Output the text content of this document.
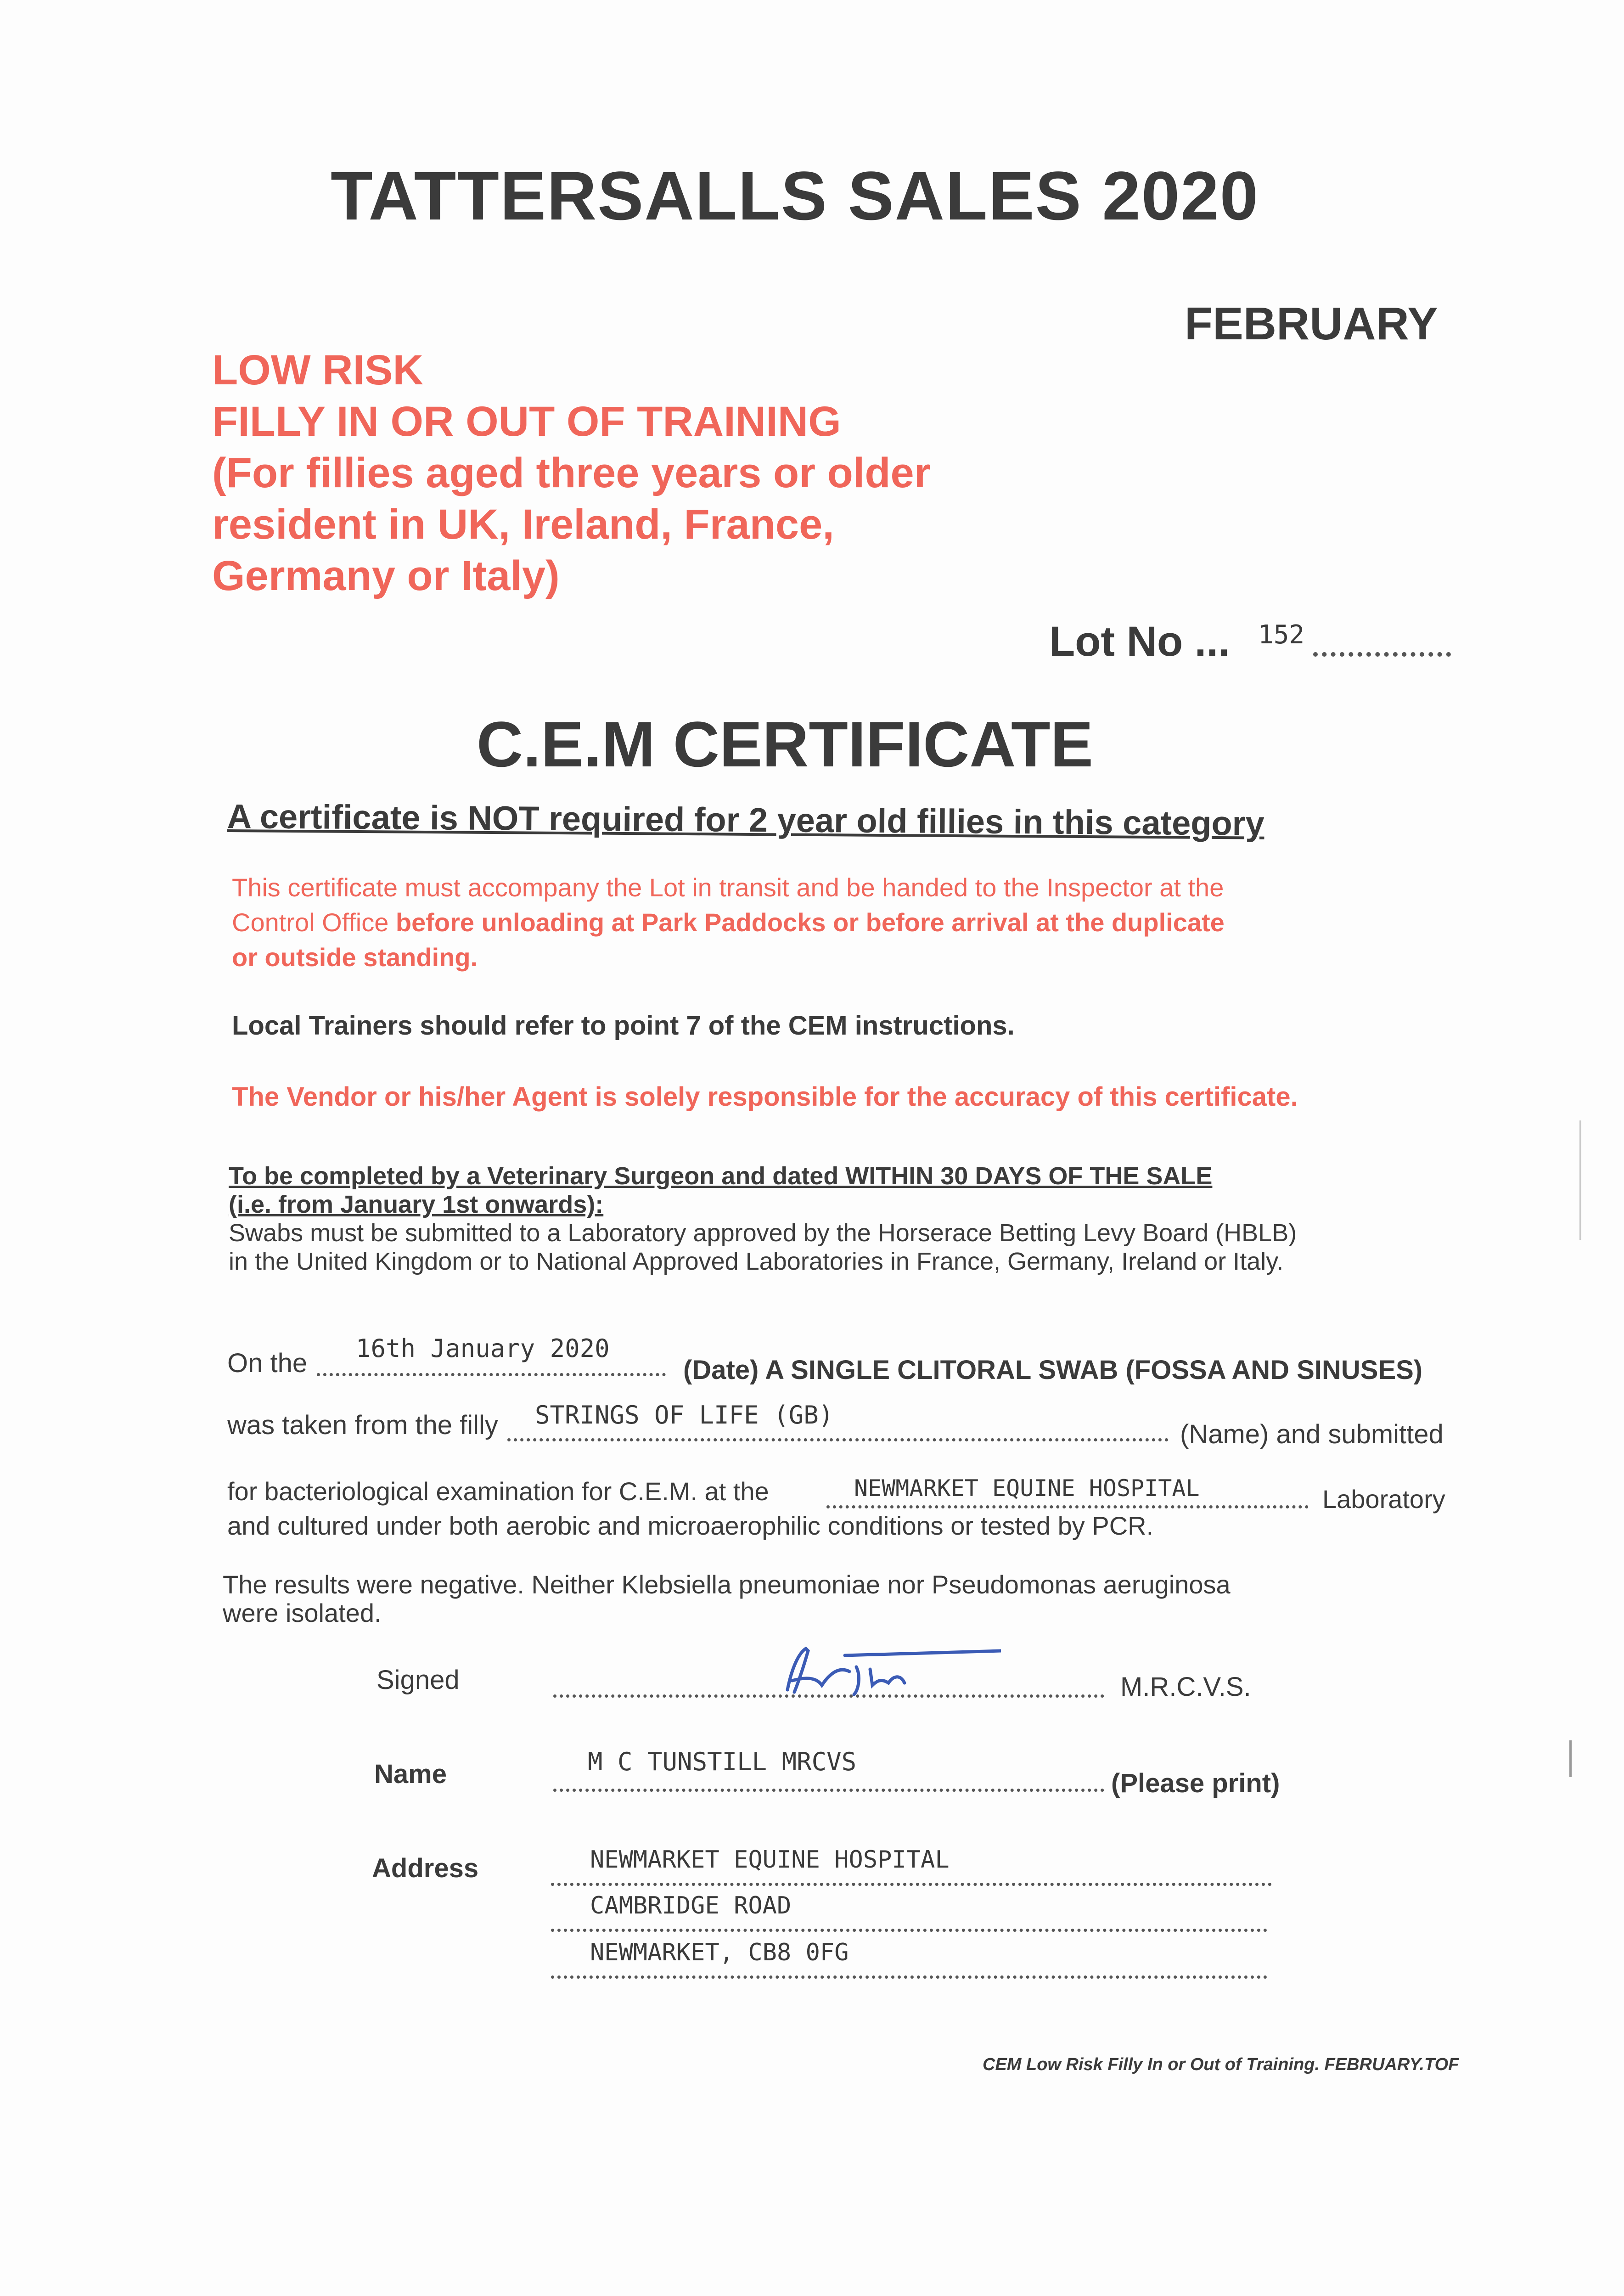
TATTERSALLS SALES 2020
FEBRUARY
LOW RISK
FILLY IN OR OUT OF TRAINING
(For fillies aged three years or older
resident in UK, Ireland, France,
Germany or Italy)
Lot No ... 152
C.E.M CERTIFICATE
A certificate is NOT required for 2 year old fillies in this category
This certificate must accompany the Lot in transit and be handed to the Inspector at the
Control Office before unloading at Park Paddocks or before arrival at the duplicate
or outside standing.
Local Trainers should refer to point 7 of the CEM instructions.
The Vendor or his/her Agent is solely responsible for the accuracy of this certificate.
To be completed by a Veterinary Surgeon and dated WITHIN 30 DAYS OF THE SALE
(i.e. from January 1st onwards):
Swabs must be submitted to a Laboratory approved by the Horserace Betting Levy Board (HBLB)
in the United Kingdom or to National Approved Laboratories in France, Germany, Ireland or Italy.
On the 16th January 2020
(Date) A SINGLE CLITORAL SWAB (FOSSA AND SINUSES)
was taken from the filly STRINGS OF LIFE (GB)
(Name) and submitted
for bacteriological examination for C.E.M. at the	NEWMARKET EQUINE HOSPITAL	Laboratory
and cultured under both aerobic and microaerophilic conditions or tested by PCR.
The results were negative. Neither Klebsiella pneumoniae nor Pseudomonas aeruginosa
were isolated.
Signed	M.R.C.V.S.
Name	M C TUNSTILL MRCVS
(Please print)
Address	NEWMARKET EQUINE HOSPITAL
CAMBRIDGE ROAD
NEWMARKET, CB8 0FG
CEM Low Risk Filly In or Out of Training. FEBRUARY.TOF
